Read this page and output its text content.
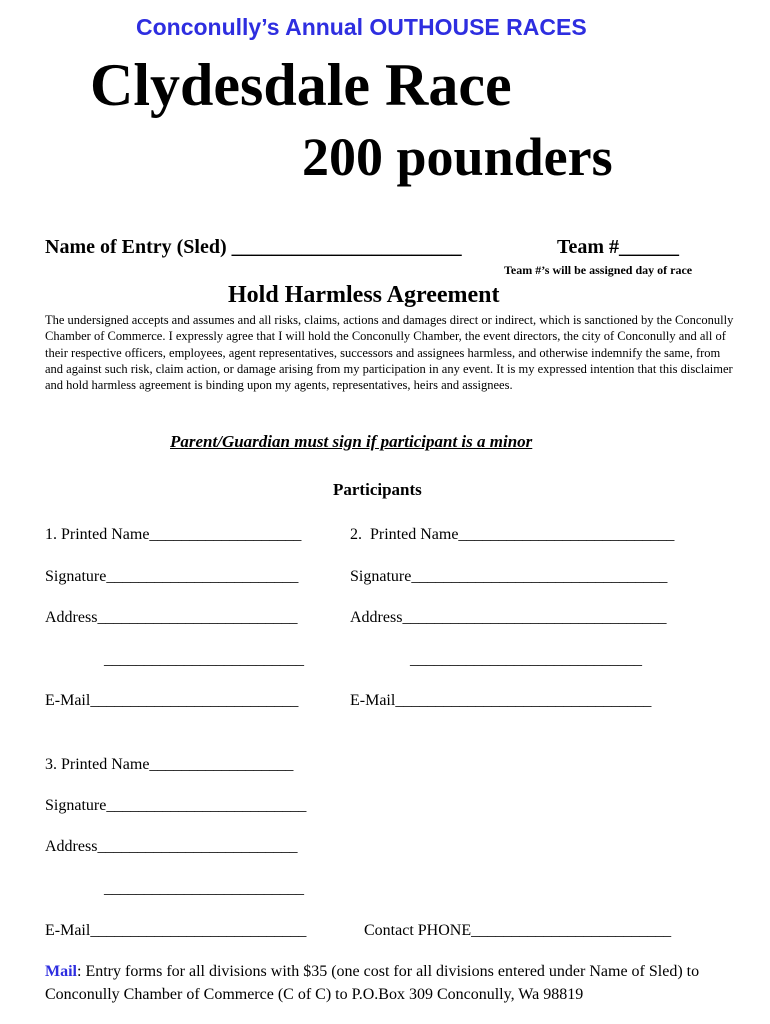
Conconully’s Annual OUTHOUSE RACES
Clydesdale Race
200 pounders
Name of Entry (Sled) _______________________	Team #______
Team #’s will be assigned day of race
Hold Harmless Agreement
The undersigned accepts and assumes and all risks, claims, actions and damages direct or indirect, which is sanctioned by the Conconully Chamber of Commerce. I expressly agree that I will hold the Conconully Chamber, the event directors, the city of Conconully and all of their respective officers, employees, agent representatives, successors and assignees harmless, and otherwise indemnify the same, from and against such risk, claim action, or damage arising from my participation in any event. It is my expressed intention that this disclaimer and hold harmless agreement is binding upon my agents, representatives, heirs and assignees.
Parent/Guardian must sign if participant is a minor
Participants
1. Printed Name___________________
Signature________________________
Address_________________________
_________________________
E-Mail__________________________
2.  Printed Name___________________________
Signature________________________________
Address_________________________________
_____________________________
E-Mail________________________________
3. Printed Name__________________
Signature_________________________
Address_________________________
_________________________
E-Mail___________________________	Contact PHONE_________________________
Mail: Entry forms for all divisions with $35 (one cost for all divisions entered under Name of Sled) to Conconully Chamber of Commerce (C of C) to P.O.Box 309 Conconully, Wa 98819
